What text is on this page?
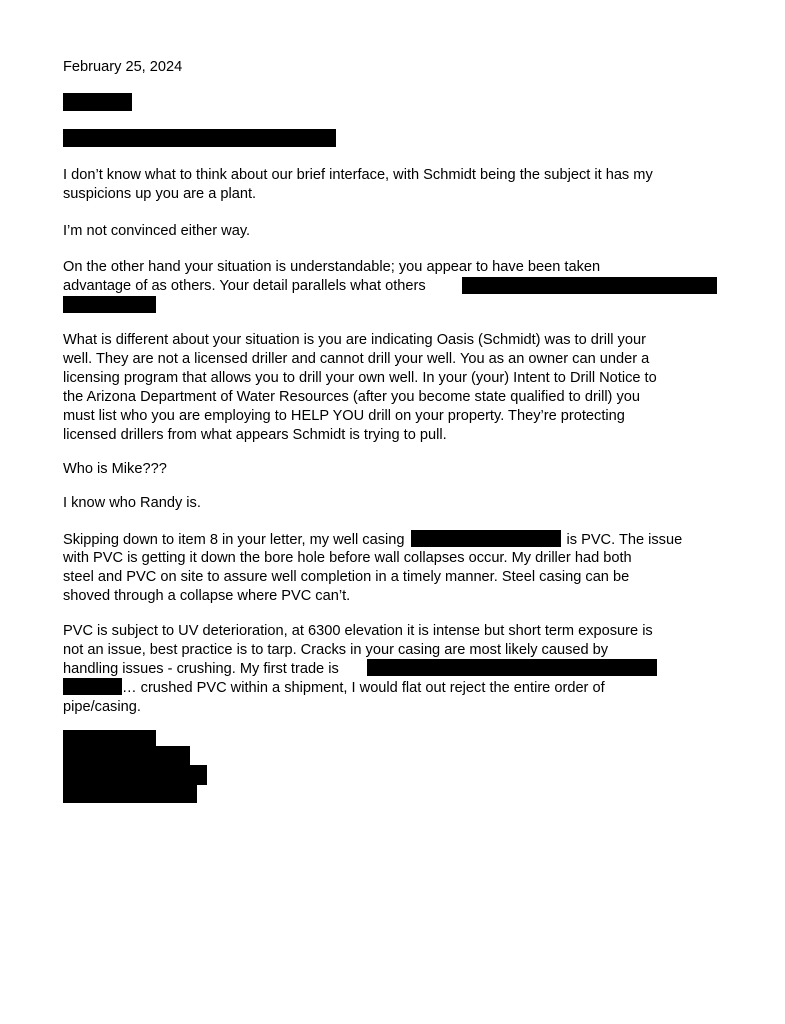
February 25, 2024
I don’t know what to think about our brief interface, with Schmidt being the subject it has my
suspicions up you are a plant.
I’m not convinced either way.
On the other hand your situation is understandable; you appear to have been taken
advantage of as others. Your detail parallels what others
What is different about your situation is you are indicating Oasis (Schmidt) was to drill your
well. They are not a licensed driller and cannot drill your well. You as an owner can under a
licensing program that allows you to drill your own well. In your (your) Intent to Drill Notice to
the Arizona Department of Water Resources (after you become state qualified to drill) you
must list who you are employing to HELP YOU drill on your property. They’re protecting
licensed drillers from what appears Schmidt is trying to pull.
Who is Mike???
I know who Randy is.
Skipping down to item 8 in your letter, my well casing	is PVC. The issue
with PVC is getting it down the bore hole before wall collapses occur. My driller had both
steel and PVC on site to assure well completion in a timely manner. Steel casing can be
shoved through a collapse where PVC can’t.
PVC is subject to UV deterioration, at 6300 elevation it is intense but short term exposure is
not an issue, best practice is to tarp. Cracks in your casing are most likely caused by
handling issues - crushing. My first trade is
… crushed PVC within a shipment, I would flat out reject the entire order of
pipe/casing.
